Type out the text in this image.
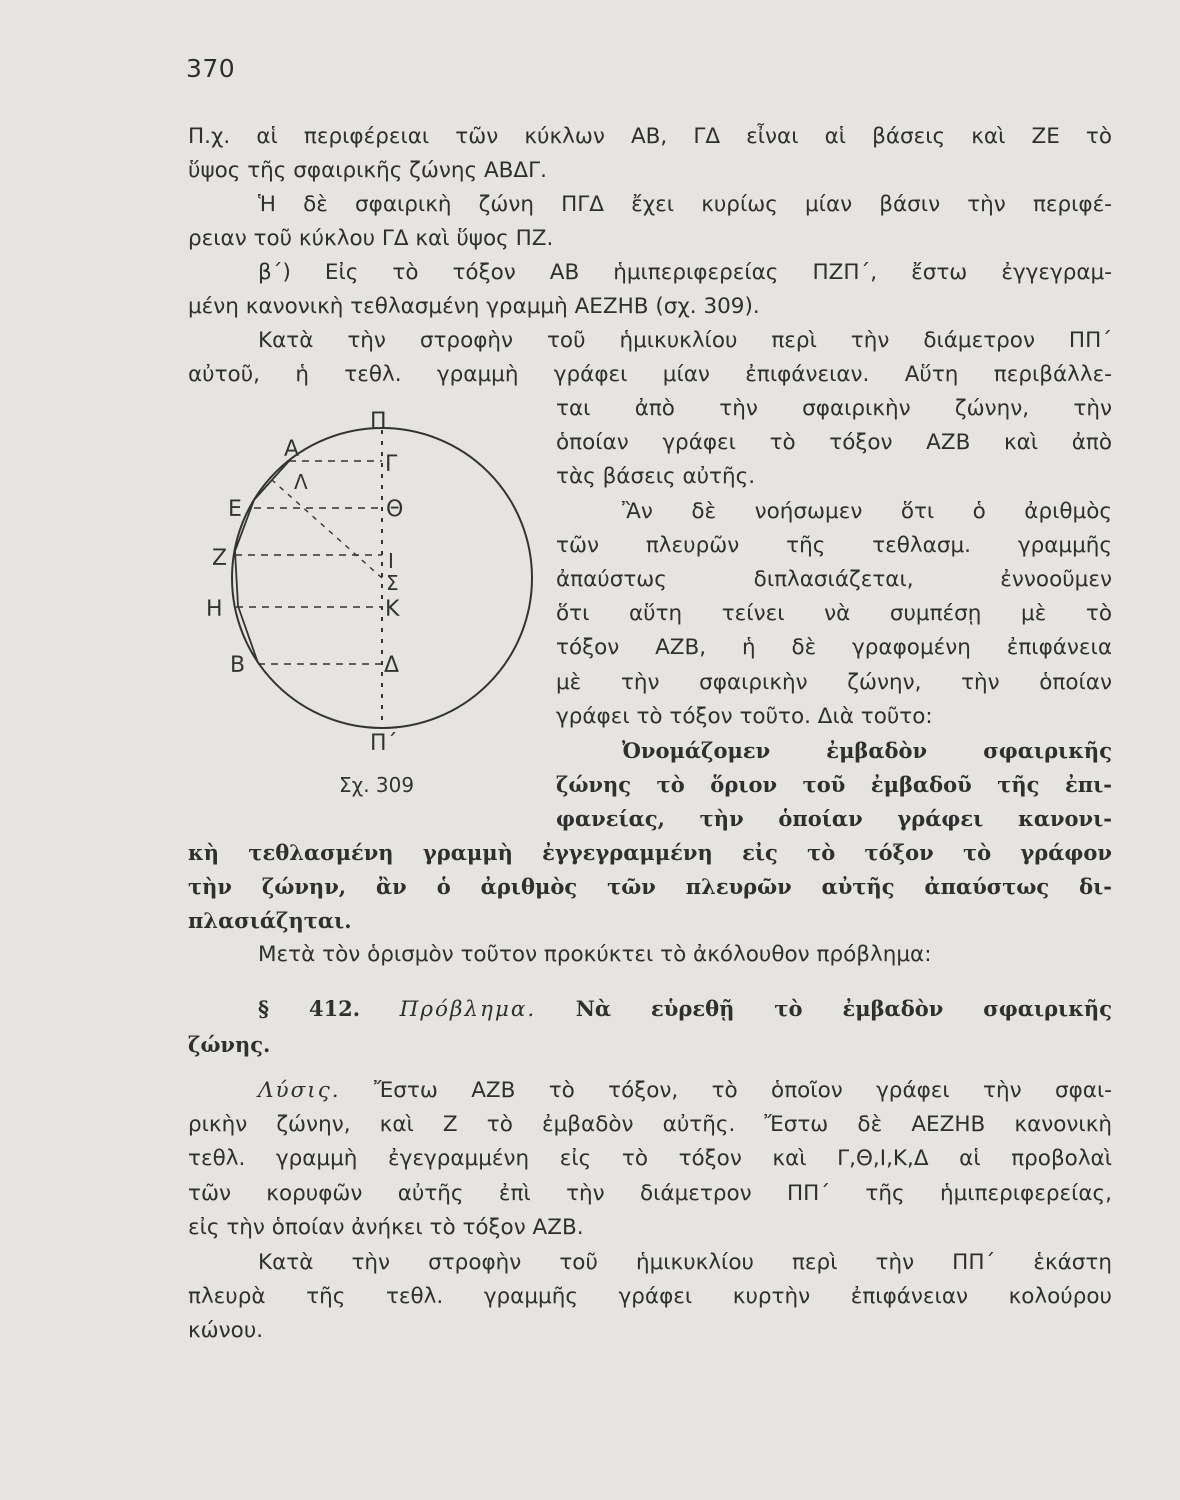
370
Π.χ. αἱ περιφέρειαι τῶν κύκλων ΑΒ, ΓΔ εἶναι αἱ βάσεις καὶ ΖΕ τὸ
ὕψος τῆς σφαιρικῆς ζώνης ΑΒΔΓ.
Ἡ δὲ σφαιρικὴ ζώνη ΠΓΔ ἔχει κυρίως μίαν βάσιν τὴν περιφέ-
ρειαν τοῦ κύκλου ΓΔ καὶ ὕψος ΠΖ.
β΄) Εἰς τὸ τόξον ΑΒ ἡμιπεριφερείας ΠΖΠ΄, ἔστω ἐγγεγραμ-
μένη κανονικὴ τεθλασμένη γραμμὴ ΑΕΖΗΒ (σχ. 309).
Κατὰ τὴν στροφὴν τοῦ ἡμικυκλίου περὶ τὴν διάμετρον ΠΠ΄
αὐτοῦ, ἡ τεθλ. γραμμὴ γράφει μίαν ἐπιφάνειαν. Αὕτη περιβάλλε-
ται ἀπὸ τὴν σφαιρικὴν ζώνην, τὴν
ὁποίαν γράφει τὸ τόξον ΑΖΒ καὶ ἀπὸ
τὰς βάσεις αὐτῆς.
Ἂν δὲ νοήσωμεν ὅτι ὁ ἀριθμὸς
τῶν πλευρῶν τῆς τεθλασμ. γραμμῆς
ἀπαύστως διπλασιάζεται, ἐννοοῦμεν
ὅτι αὕτη τείνει νὰ συμπέσῃ μὲ τὸ
τόξον ΑΖΒ, ἡ δὲ γραφομένη ἐπιφάνεια
μὲ τὴν σφαιρικὴν ζώνην, τὴν ὁποίαν
γράφει τὸ τόξον τοῦτο. Διὰ τοῦτο:
Ὀνομάζομεν ἐμβαδὸν σφαιρικῆς
ζώνης τὸ ὅριον τοῦ ἐμβαδοῦ τῆς ἐπι-
φανείας, τὴν ὁποίαν γράφει κανονι-
Π
Α
Λ
Γ
Ε	Θ
Ζ	Ι
Σ
Η	Κ
Β	Δ
Π΄
Σχ. 309
κὴ τεθλασμένη γραμμὴ ἐγγεγραμμένη εἰς τὸ τόξον τὸ γράφον
τὴν ζώνην, ἂν ὁ ἀριθμὸς τῶν πλευρῶν αὐτῆς ἀπαύστως δι-
πλασιάζηται.
Μετὰ τὸν ὁρισμὸν τοῦτον προκύκτει τὸ ἀκόλουθον πρόβλημα:
§ 412. Πρόβλημα. Νὰ εὑρεθῇ τὸ ἐμβαδὸν σφαιρικῆς
ζώνης.
Λύσις. Ἔστω ΑΖΒ τὸ τόξον, τὸ ὁποῖον γράφει τὴν σφαι-
ρικὴν ζώνην, καὶ Ζ τὸ ἐμβαδὸν αὐτῆς. Ἔστω δὲ ΑΕΖΗΒ κανονικὴ
τεθλ. γραμμὴ ἐγεγραμμένη εἰς τὸ τόξον καὶ Γ,Θ,Ι,Κ,Δ αἱ προβολαὶ
τῶν κορυφῶν αὐτῆς ἐπὶ τὴν διάμετρον ΠΠ΄ τῆς ἡμιπεριφερείας,
εἰς τὴν ὁποίαν ἀνήκει τὸ τόξον ΑΖΒ.
Κατὰ τὴν στροφὴν τοῦ ἡμικυκλίου περὶ τὴν ΠΠ΄ ἑκάστη
πλευρὰ τῆς τεθλ. γραμμῆς γράφει κυρτὴν ἐπιφάνειαν κολούρου
κώνου.
